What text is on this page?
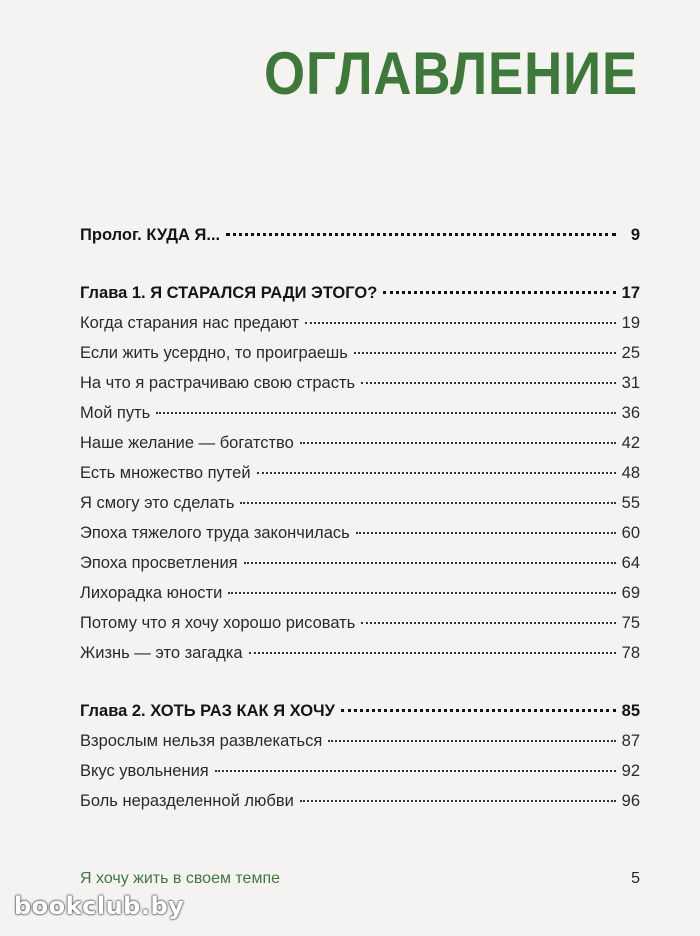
ОГЛАВЛЕНИЕ
Пролог. КУДА Я...	9
Глава 1. Я СТАРАЛСЯ РАДИ ЭТОГО?	17
Когда старания нас предают	19
Если жить усердно, то проиграешь	25
На что я растрачиваю свою страсть	31
Мой путь	36
Наше желание — богатство	42
Есть множество путей	48
Я смогу это сделать	55
Эпоха тяжелого труда закончилась	60
Эпоха просветления	64
Лихорадка юности	69
Потому что я хочу хорошо рисовать	75
Жизнь — это загадка	78
Глава 2. ХОТЬ РАЗ КАК Я ХОЧУ	85
Взрослым нельзя развлекаться	87
Вкус увольнения	92
Боль неразделенной любви	96
Я хочу жить в своем темпе	5
bookclub.by
